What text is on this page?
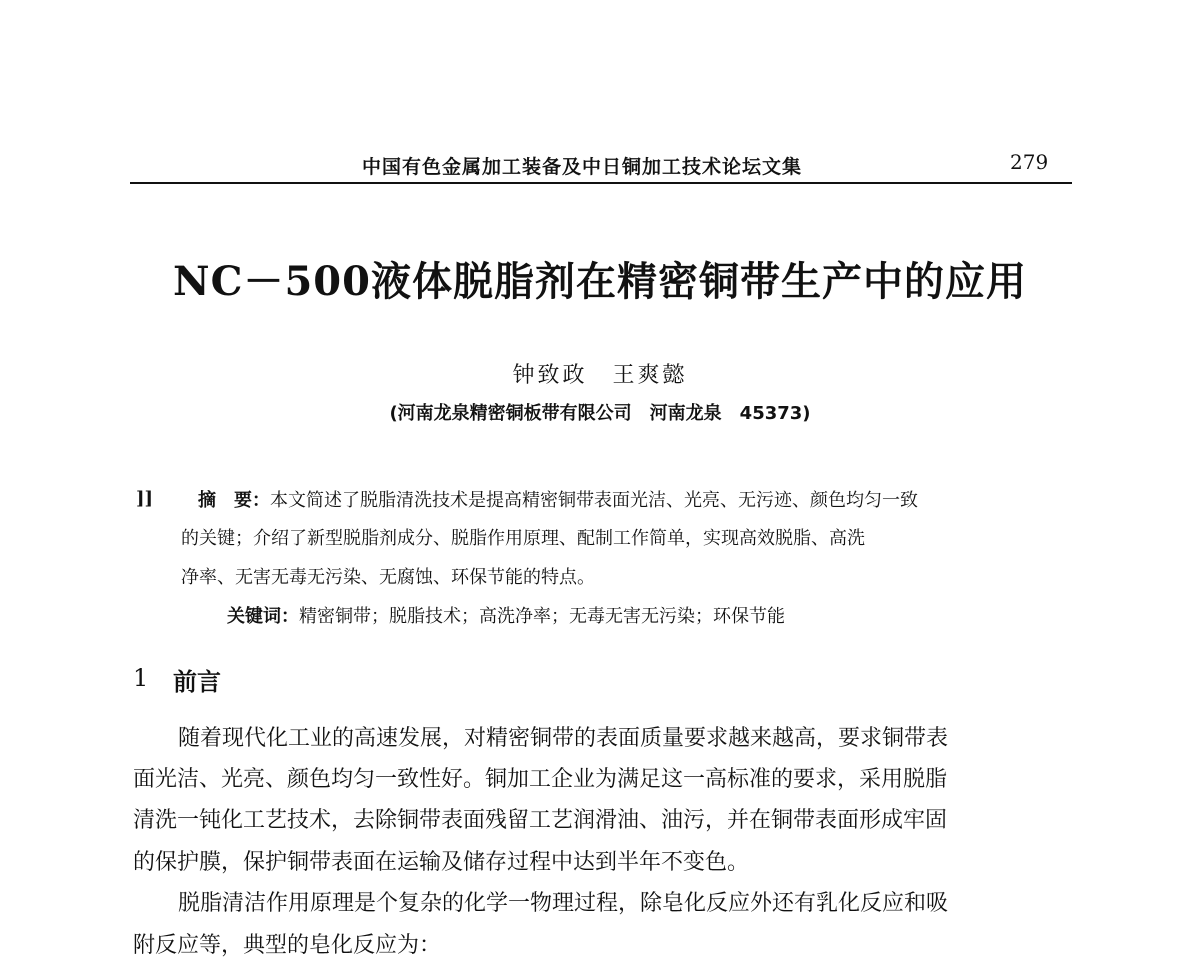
中国有色金属加工装备及中日铜加工技术论坛文集	279
NC－500液体脱脂剂在精密铜带生产中的应用
钟致政　王爽懿
(河南龙泉精密铜板带有限公司　河南龙泉　45373)
]] 摘　要：本文简述了脱脂清洗技术是提高精密铜带表面光洁、光亮、无污迹、颜色均匀一致
的关键；介绍了新型脱脂剂成分、脱脂作用原理、配制工作简单，实现高效脱脂、高洗
净率、无害无毒无污染、无腐蚀、环保节能的特点。
关键词：精密铜带；脱脂技术；高洗净率；无毒无害无污染；环保节能
1 前言
随着现代化工业的高速发展，对精密铜带的表面质量要求越来越高，要求铜带表
面光洁、光亮、颜色均匀一致性好。铜加工企业为满足这一高标准的要求，采用脱脂
清洗一钝化工艺技术，去除铜带表面残留工艺润滑油、油污，并在铜带表面形成牢固
的保护膜，保护铜带表面在运输及储存过程中达到半年不变色。
脱脂清洁作用原理是个复杂的化学一物理过程，除皂化反应外还有乳化反应和吸
附反应等，典型的皂化反应为：
